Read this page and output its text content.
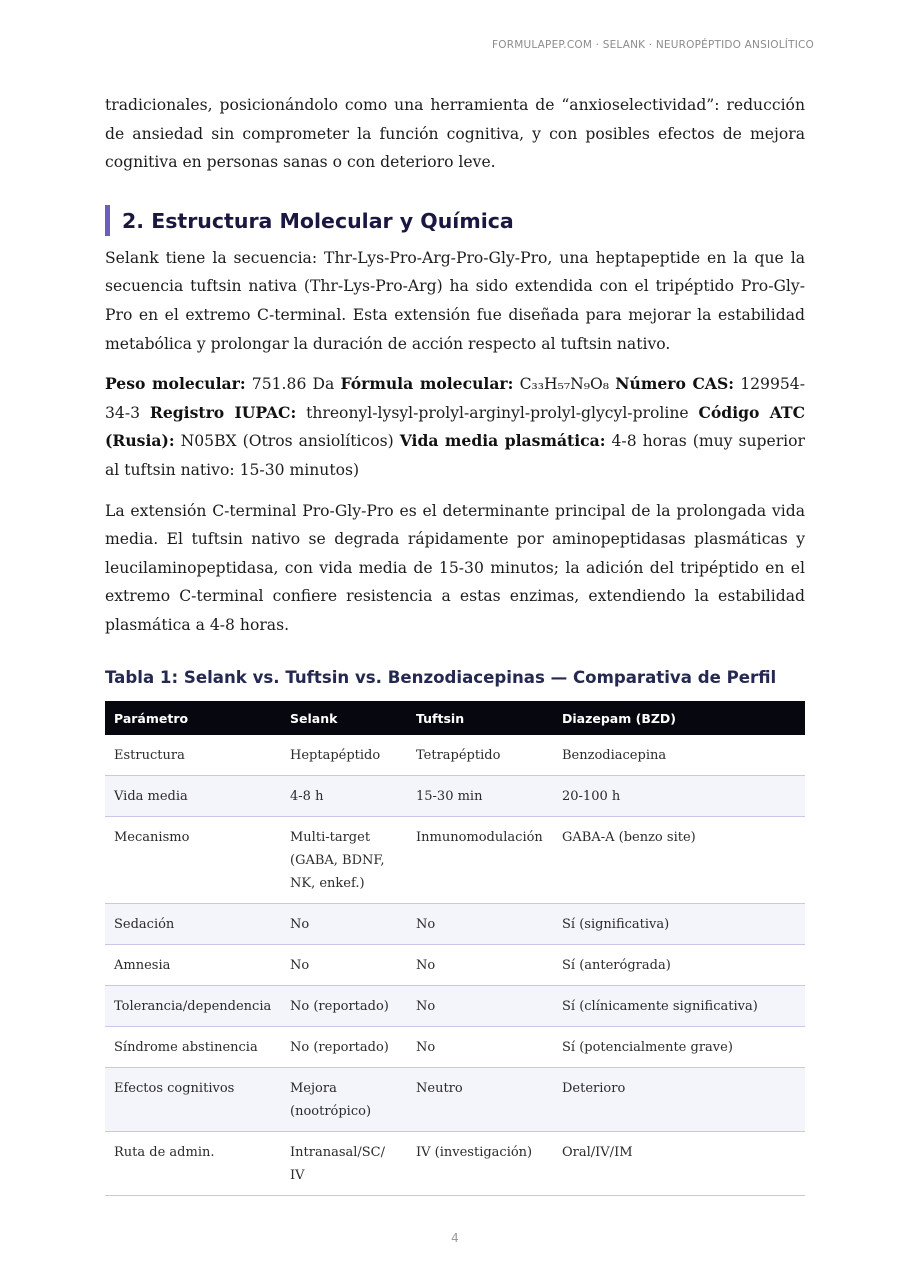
FORMULAPEP.COM · SELANK · NEUROPÉPTIDO ANSIOLÍTICO

tradicionales, posicionándolo como una herramienta de “anxioselectividad”: reducción de ansiedad sin comprometer la función cognitiva, y con posibles efectos de mejora cognitiva en personas sanas o con deterioro leve.

2. Estructura Molecular y Química

Selank tiene la secuencia: Thr-Lys-Pro-Arg-Pro-Gly-Pro, una heptapeptide en la que la secuencia tuftsin nativa (Thr-Lys-Pro-Arg) ha sido extendida con el tripéptido Pro-Gly-Pro en el extremo C-terminal. Esta extensión fue diseñada para mejorar la estabilidad metabólica y prolongar la duración de acción respecto al tuftsin nativo.

Peso molecular: 751.86 Da Fórmula molecular: C₃₃H₅₇N₉O₈ Número CAS: 129954-34-3 Registro IUPAC: threonyl-lysyl-prolyl-arginyl-prolyl-glycyl-proline Código ATC (Rusia): N05BX (Otros ansiolíticos) Vida media plasmática: 4-8 horas (muy superior al tuftsin nativo: 15-30 minutos)

La extensión C-terminal Pro-Gly-Pro es el determinante principal de la prolongada vida media. El tuftsin nativo se degrada rápidamente por aminopeptidasas plasmáticas y leucilaminopeptidasa, con vida media de 15-30 minutos; la adición del tripéptido en el extremo C-terminal confiere resistencia a estas enzimas, extendiendo la estabilidad plasmática a 4-8 horas.

Tabla 1: Selank vs. Tuftsin vs. Benzodiacepinas — Comparativa de Perfil
Parámetro	Selank	Tuftsin	Diazepam (BZD)
Estructura	Heptapéptido	Tetrapéptido	Benzodiacepina
Vida media	4-8 h	15-30 min	20-100 h
Mecanismo	Multi-target (GABA, BDNF, NK, enkef.)	Inmunomodulación	GABA-A (benzo site)
Sedación	No	No	Sí (significativa)
Amnesia	No	No	Sí (anterógrada)
Tolerancia/dependencia	No (reportado)	No	Sí (clínicamente significativa)
Síndrome abstinencia	No (reportado)	No	Sí (potencialmente grave)
Efectos cognitivos	Mejora (nootrópico)	Neutro	Deterioro
Ruta de admin.	Intranasal/SC/ IV	IV (investigación)	Oral/IV/IM
4
